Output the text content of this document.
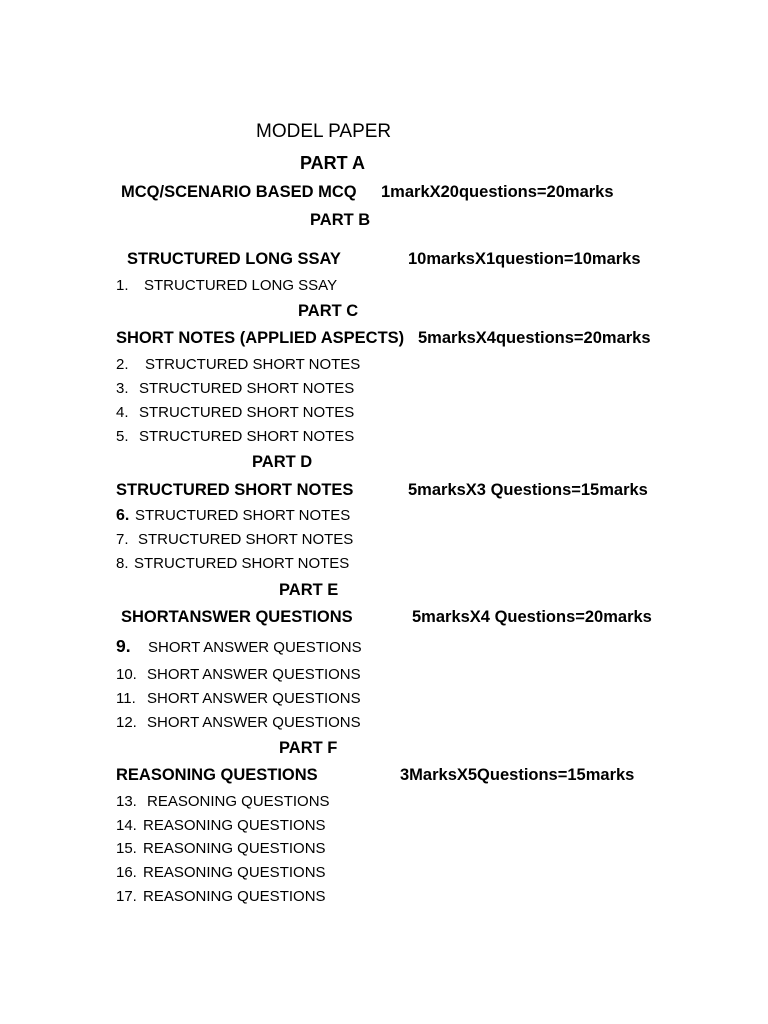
MODEL PAPER
PART A
MCQ/SCENARIO BASED MCQ 1markX20questions=20marks
PART B
STRUCTURED LONG SSAY	10marksX1question=10marks
1. STRUCTURED LONG SSAY
PART C
SHORT NOTES (APPLIED ASPECTS) 5marksX4questions=20marks
2. STRUCTURED SHORT NOTES
3. STRUCTURED SHORT NOTES
4. STRUCTURED SHORT NOTES
5. STRUCTURED SHORT NOTES
PART D
STRUCTURED SHORT NOTES	5marksX3 Questions=15marks
6. STRUCTURED SHORT NOTES
7. STRUCTURED SHORT NOTES
8. STRUCTURED SHORT NOTES
PART E
SHORTANSWER QUESTIONS	5marksX4 Questions=20marks
9. SHORT ANSWER QUESTIONS
10. SHORT ANSWER QUESTIONS
11. SHORT ANSWER QUESTIONS
12. SHORT ANSWER QUESTIONS
PART F
REASONING QUESTIONS	3MarksX5Questions=15marks
13. REASONING QUESTIONS
14. REASONING QUESTIONS
15. REASONING QUESTIONS
16. REASONING QUESTIONS
17. REASONING QUESTIONS
